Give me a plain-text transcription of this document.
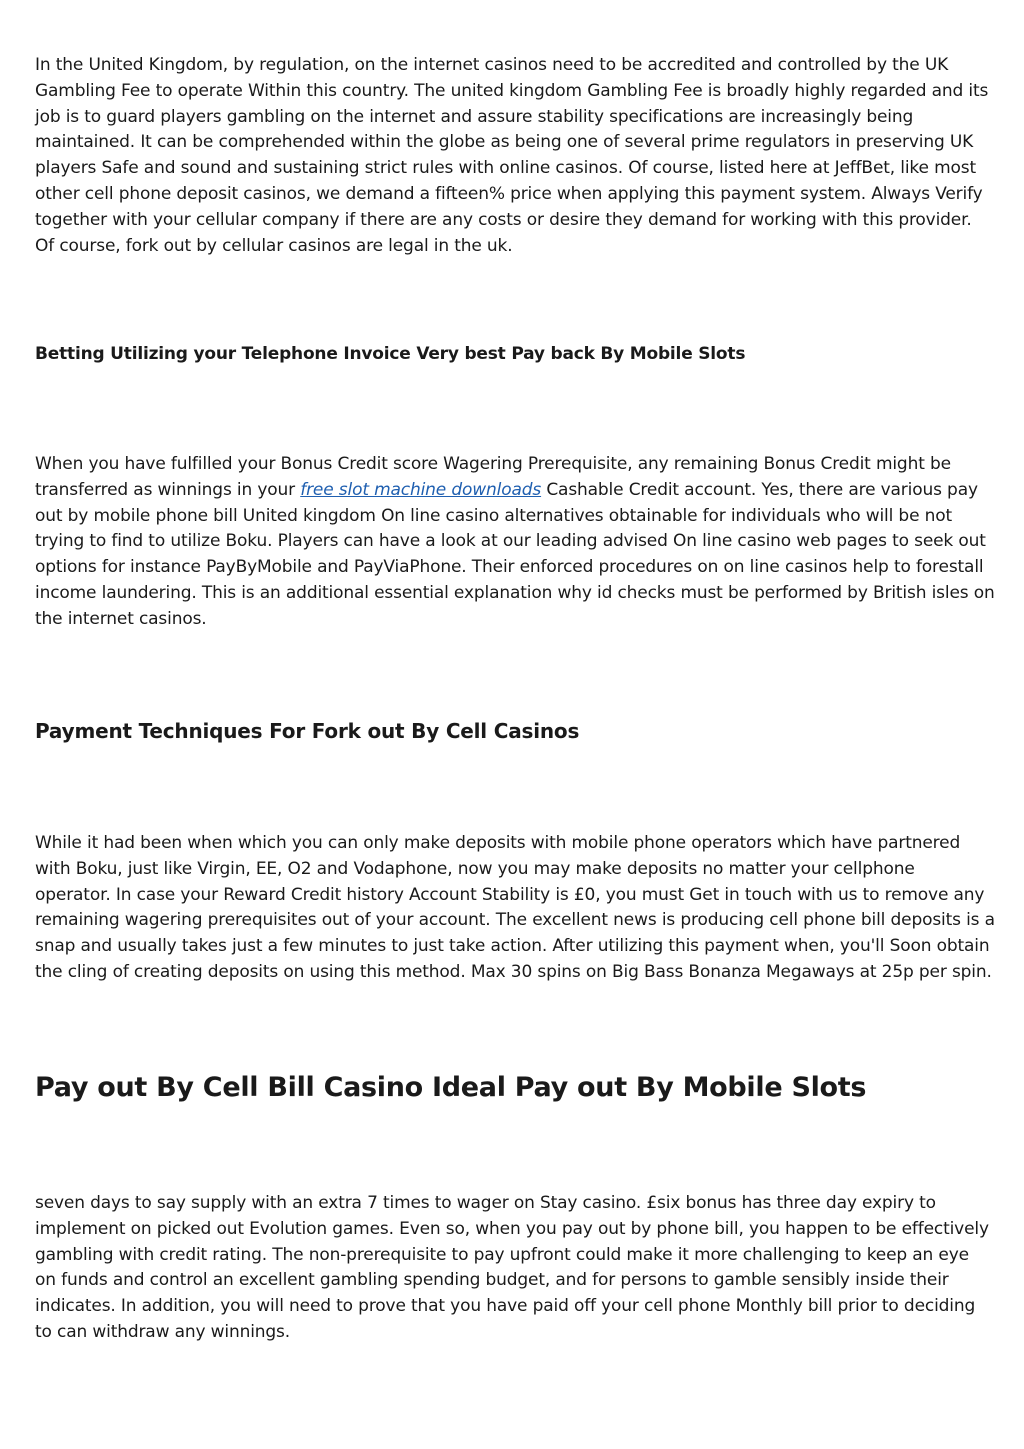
In the United Kingdom, by regulation, on the internet casinos need to be accredited and controlled by the UK Gambling Fee to operate Within this country. The united kingdom Gambling Fee is broadly highly regarded and its job is to guard players gambling on the internet and assure stability specifications are increasingly being maintained. It can be comprehended within the globe as being one of several prime regulators in preserving UK players Safe and sound and sustaining strict rules with online casinos. Of course, listed here at JeffBet, like most other cell phone deposit casinos, we demand a fifteen% price when applying this payment system. Always Verify together with your cellular company if there are any costs or desire they demand for working with this provider. Of course, fork out by cellular casinos are legal in the uk.

Betting Utilizing your Telephone Invoice Very best Pay back By Mobile Slots

When you have fulfilled your Bonus Credit score Wagering Prerequisite, any remaining Bonus Credit might be transferred as winnings in your free slot machine downloads Cashable Credit account. Yes, there are various pay out by mobile phone bill United kingdom On line casino alternatives obtainable for individuals who will be not trying to find to utilize Boku. Players can have a look at our leading advised On line casino web pages to seek out options for instance PayByMobile and PayViaPhone. Their enforced procedures on on line casinos help to forestall income laundering. This is an additional essential explanation why id checks must be performed by British isles on the internet casinos.

Payment Techniques For Fork out By Cell Casinos

While it had been when which you can only make deposits with mobile phone operators which have partnered with Boku, just like Virgin, EE, O2 and Vodaphone, now you may make deposits no matter your cellphone operator. In case your Reward Credit history Account Stability is £0, you must Get in touch with us to remove any remaining wagering prerequisites out of your account. The excellent news is producing cell phone bill deposits is a snap and usually takes just a few minutes to just take action. After utilizing this payment when, you'll Soon obtain the cling of creating deposits on using this method. Max 30 spins on Big Bass Bonanza Megaways at 25p per spin.

Pay out By Cell Bill Casino Ideal Pay out By Mobile Slots

seven days to say supply with an extra 7 times to wager on Stay casino. £six bonus has three day expiry to implement on picked out Evolution games. Even so, when you pay out by phone bill, you happen to be effectively gambling with credit rating. The non-prerequisite to pay upfront could make it more challenging to keep an eye on funds and control an excellent gambling spending budget, and for persons to gamble sensibly inside their indicates. In addition, you will need to prove that you have paid off your cell phone Monthly bill prior to deciding to can withdraw any winnings.
